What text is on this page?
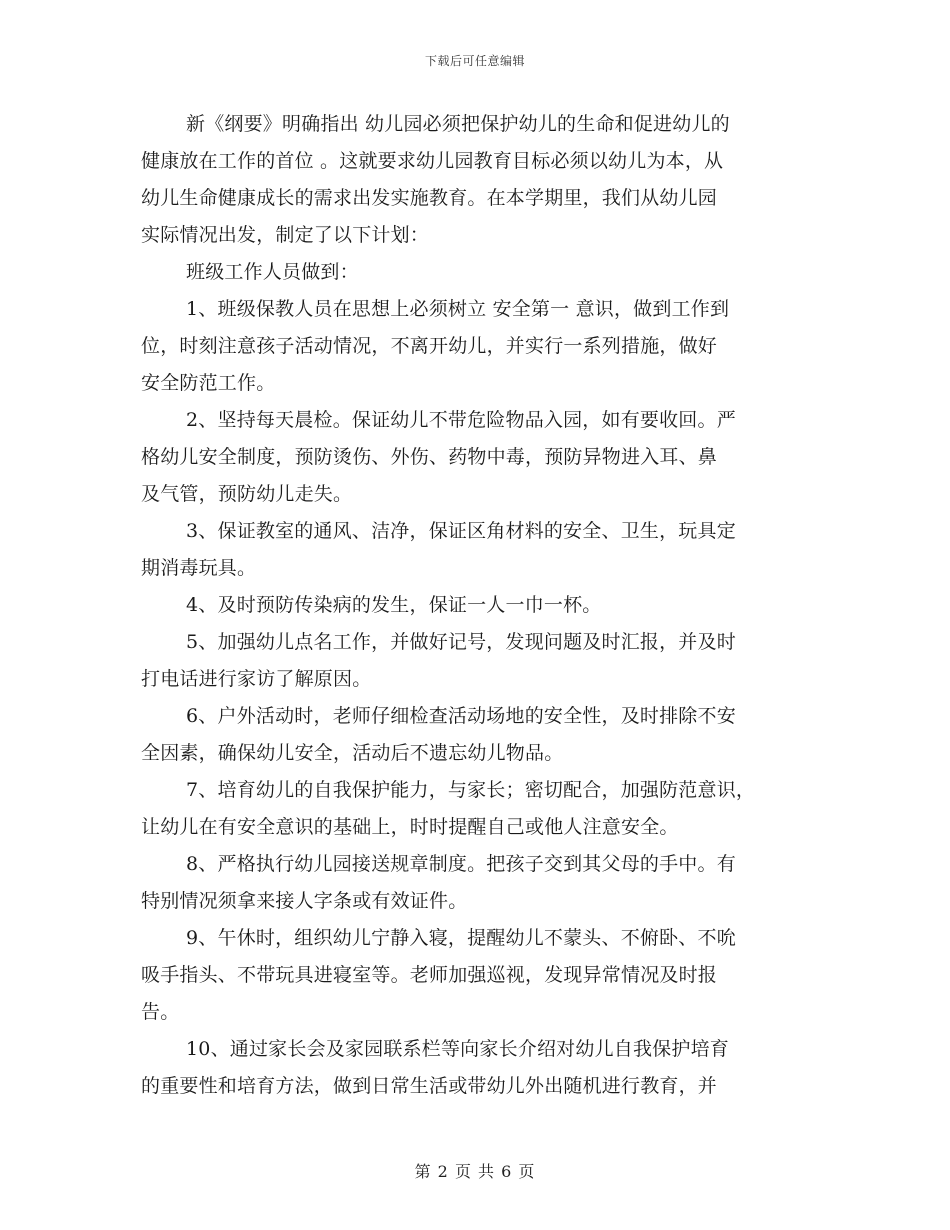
下载后可任意编辑
新《纲要》明确指出 幼儿园必须把保护幼儿的生命和促进幼儿的
健康放在工作的首位 。这就要求幼儿园教育目标必须以幼儿为本，从
幼儿生命健康成长的需求出发实施教育。在本学期里，我们从幼儿园
实际情况出发，制定了以下计划：
班级工作人员做到：
1、班级保教人员在思想上必须树立 安全第一 意识，做到工作到
位，时刻注意孩子活动情况，不离开幼儿，并实行一系列措施，做好
安全防范工作。
2、坚持每天晨检。保证幼儿不带危险物品入园，如有要收回。严
格幼儿安全制度，预防烫伤、外伤、药物中毒，预防异物进入耳、鼻
及气管，预防幼儿走失。
3、保证教室的通风、洁净，保证区角材料的安全、卫生，玩具定
期消毒玩具。
4、及时预防传染病的发生，保证一人一巾一杯。
5、加强幼儿点名工作，并做好记号，发现问题及时汇报，并及时
打电话进行家访了解原因。
6、户外活动时，老师仔细检查活动场地的安全性，及时排除不安
全因素，确保幼儿安全，活动后不遗忘幼儿物品。
7、培育幼儿的自我保护能力，与家长；密切配合，加强防范意识，
让幼儿在有安全意识的基础上，时时提醒自己或他人注意安全。
8、严格执行幼儿园接送规章制度。把孩子交到其父母的手中。有
特别情况须拿来接人字条或有效证件。
9、午休时，组织幼儿宁静入寝，提醒幼儿不蒙头、不俯卧、不吮
吸手指头、不带玩具进寝室等。老师加强巡视，发现异常情况及时报
告。
10、通过家长会及家园联系栏等向家长介绍对幼儿自我保护培育
的重要性和培育方法，做到日常生活或带幼儿外出随机进行教育，并
第 2 页 共 6 页
